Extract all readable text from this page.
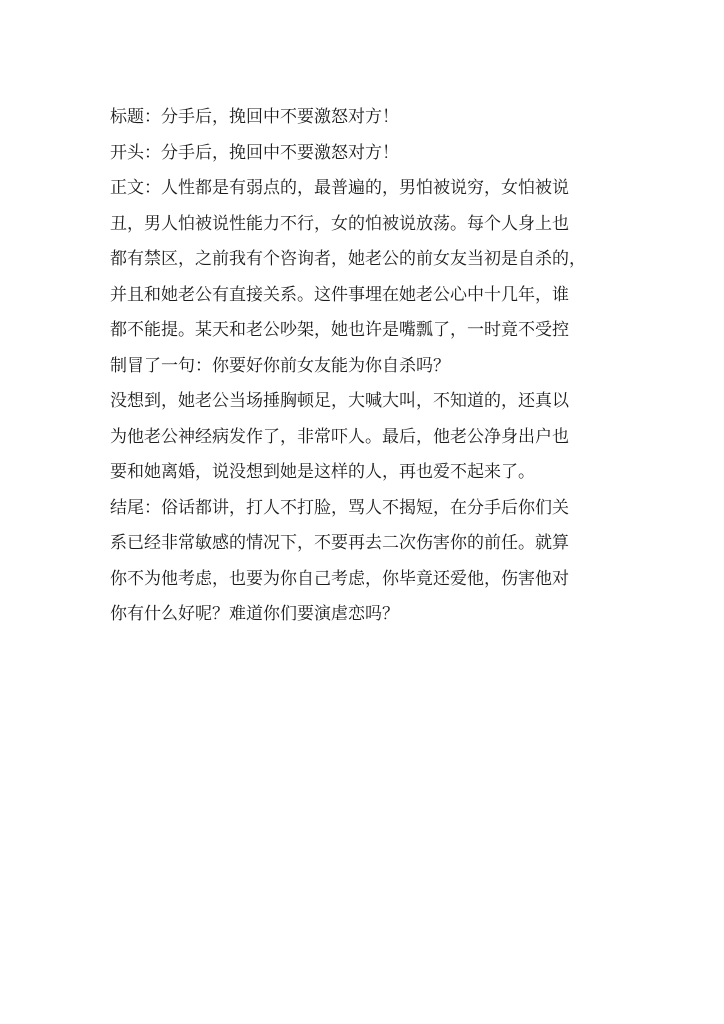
标题：分手后，挽回中不要激怒对方！
开头：分手后，挽回中不要激怒对方！
正文：人性都是有弱点的，最普遍的，男怕被说穷，女怕被说
丑，男人怕被说性能力不行，女的怕被说放荡。每个人身上也
都有禁区，之前我有个咨询者，她老公的前女友当初是自杀的，
并且和她老公有直接关系。这件事埋在她老公心中十几年，谁
都不能提。某天和老公吵架，她也许是嘴瓢了，一时竟不受控
制冒了一句：你要好你前女友能为你自杀吗？
没想到，她老公当场捶胸顿足，大喊大叫，不知道的，还真以
为他老公神经病发作了，非常吓人。最后，他老公净身出户也
要和她离婚，说没想到她是这样的人，再也爱不起来了。
结尾：俗话都讲，打人不打脸，骂人不揭短，在分手后你们关
系已经非常敏感的情况下，不要再去二次伤害你的前任。就算
你不为他考虑，也要为你自己考虑，你毕竟还爱他，伤害他对
你有什么好呢？难道你们要演虐恋吗？
